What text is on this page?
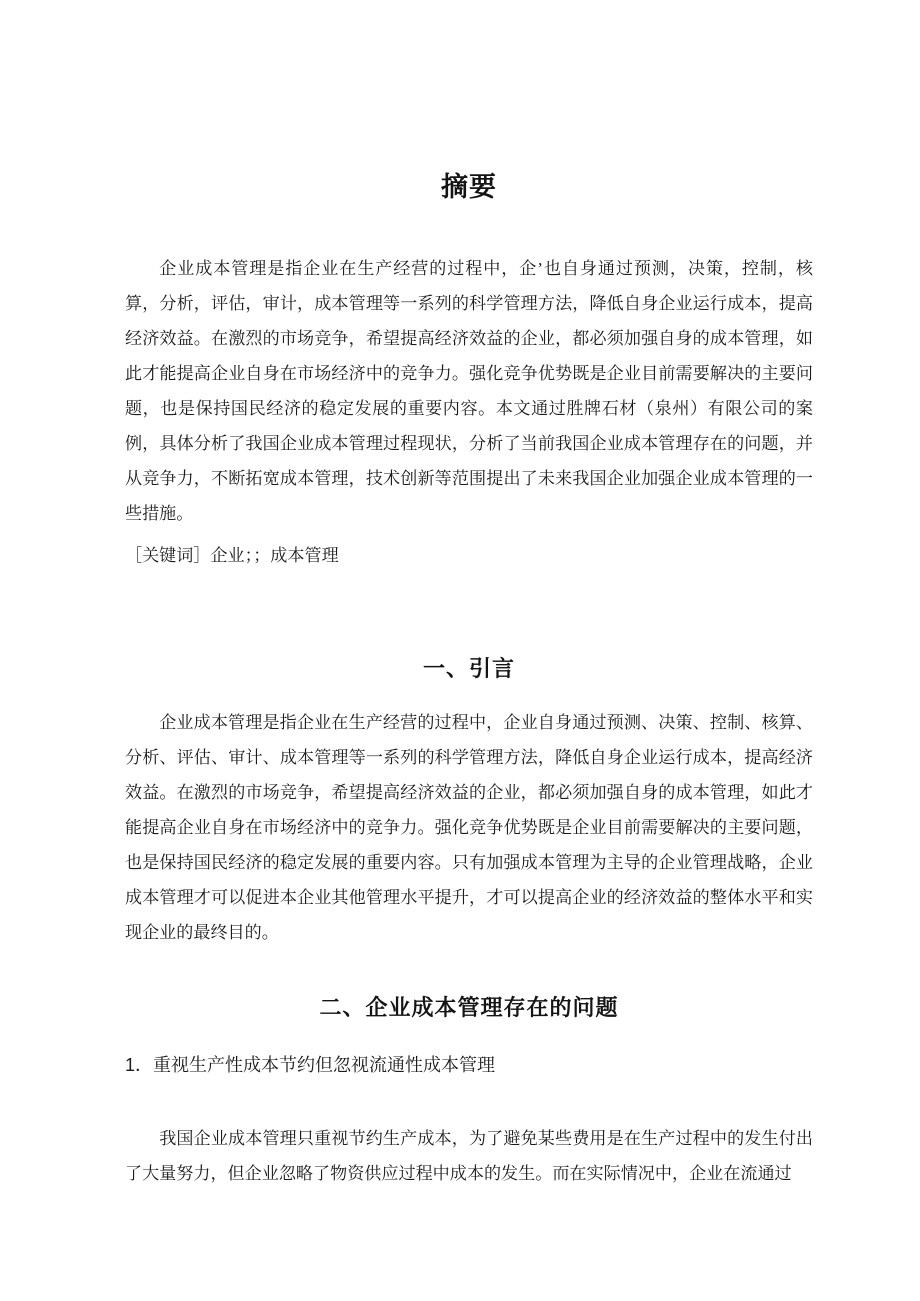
摘要

企业成本管理是指企业在生产经营的过程中，企’也自身通过预测，决策，控制，核算，分析，评估，审计，成本管理等一系列的科学管理方法，降低自身企业运行成本，提高经济效益。在激烈的市场竞争，希望提高经济效益的企业，都必须加强自身的成本管理，如此才能提高企业自身在市场经济中的竞争力。强化竞争优势既是企业目前需要解决的主要问题，也是保持国民经济的稳定发展的重要内容。本文通过胜牌石材（泉州）有限公司的案例，具体分析了我国企业成本管理过程现状，分析了当前我国企业成本管理存在的问题，并从竞争力，不断拓宽成本管理，技术创新等范围提出了未来我国企业加强企业成本管理的一些措施。

［关键词］企业；；成本管理

一、引言

企业成本管理是指企业在生产经营的过程中，企业自身通过预测、决策、控制、核算、分析、评估、审计、成本管理等一系列的科学管理方法，降低自身企业运行成本，提高经济效益。在激烈的市场竞争，希望提高经济效益的企业，都必须加强自身的成本管理，如此才能提高企业自身在市场经济中的竞争力。强化竞争优势既是企业目前需要解决的主要问题，也是保持国民经济的稳定发展的重要内容。只有加强成本管理为主导的企业管理战略，企业成本管理才可以促进本企业其他管理水平提升，才可以提高企业的经济效益的整体水平和实现企业的最终目的。

二、企业成本管理存在的问题
1．重视生产性成本节约但忽视流通性成本管理

我国企业成本管理只重视节约生产成本，为了避免某些费用是在生产过程中的发生付出了大量努力，但企业忽略了物资供应过程中成本的发生。而在实际情况中，企业在流通过
